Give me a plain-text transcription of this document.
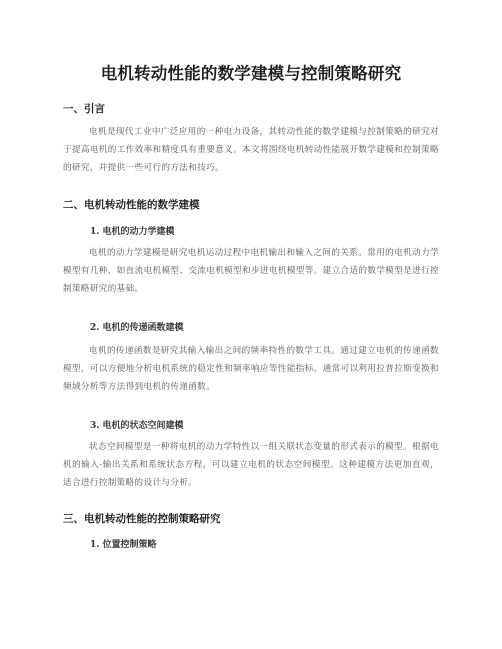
电机转动性能的数学建模与控制策略研究
一、引言

电机是现代工业中广泛应用的一种电力设备，其转动性能的数学建模与控制策略的研究对于提高电机的工作效率和精度具有重要意义。本文将围绕电机转动性能展开数学建模和控制策略的研究，并提供一些可行的方法和技巧。

二、电机转动性能的数学建模
1. 电机的动力学建模

电机的动力学建模是研究电机运动过程中电机输出和输入之间的关系。常用的电机动力学模型有几种，如直流电机模型、交流电机模型和步进电机模型等。建立合适的数学模型是进行控制策略研究的基础。

2. 电机的传递函数建模

电机的传递函数是研究其输入输出之间的频率特性的数学工具。通过建立电机的传递函数模型，可以方便地分析电机系统的稳定性和频率响应等性能指标。通常可以利用拉普拉斯变换和频域分析等方法得到电机的传递函数。

3. 电机的状态空间建模

状态空间模型是一种将电机的动力学特性以一组关联状态变量的形式表示的模型。根据电机的输入-输出关系和系统状态方程，可以建立电机的状态空间模型。这种建模方法更加直观，适合进行控制策略的设计与分析。

三、电机转动性能的控制策略研究
1. 位置控制策略
